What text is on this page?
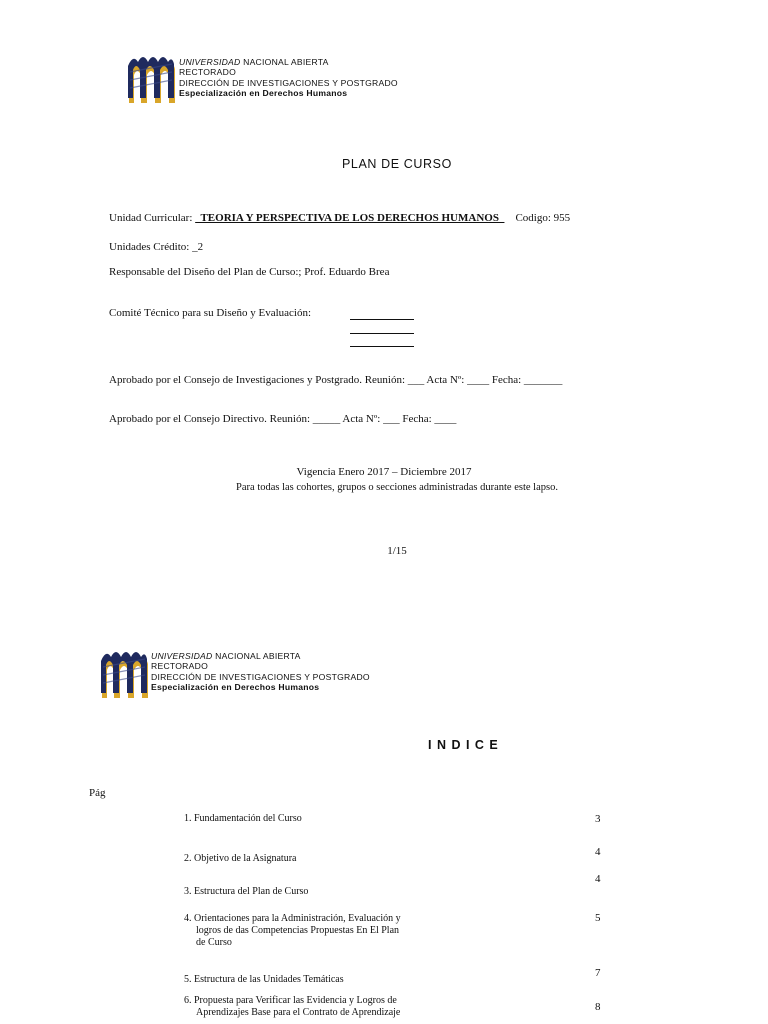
UNIVERSIDAD NACIONAL ABIERTA
RECTORADO
DIRECCIÓN DE INVESTIGACIONES Y POSTGRADO
Especialización en Derechos Humanos
PLAN DE CURSO
Unidad Curricular:   TEORIA Y PERSPECTIVA DE LOS DERECHOS HUMANOS      Codigo: 955
Unidades Crédito: _2
Responsable del Diseño del Plan de Curso:; Prof. Eduardo Brea
Comité Técnico para su Diseño y Evaluación:
Aprobado por el Consejo de Investigaciones y Postgrado. Reunión: ___ Acta Nº: ____ Fecha: _______
Aprobado por el Consejo Directivo. Reunión: _____ Acta Nº: ___ Fecha: ____
Vigencia Enero 2017 – Diciembre 2017
Para todas las cohortes, grupos o secciones administradas durante este lapso.
1/15
UNIVERSIDAD NACIONAL ABIERTA
RECTORADO
DIRECCIÓN DE INVESTIGACIONES Y POSTGRADO
Especialización en Derechos Humanos
I N D I C E
Pág
1. Fundamentación del Curso	3
2. Objetivo de la Asignatura
4
3. Estructura del Plan de Curso
4
4. Orientaciones para la Administración, Evaluación y
logros de das Competencias Propuestas En El Plan
de Curso
5
5. Estructura de las Unidades Temáticas
7
6. Propuesta para Verificar las Evidencia y Logros de
Aprendizajes Base para el Contrato de Aprendizaje	8
